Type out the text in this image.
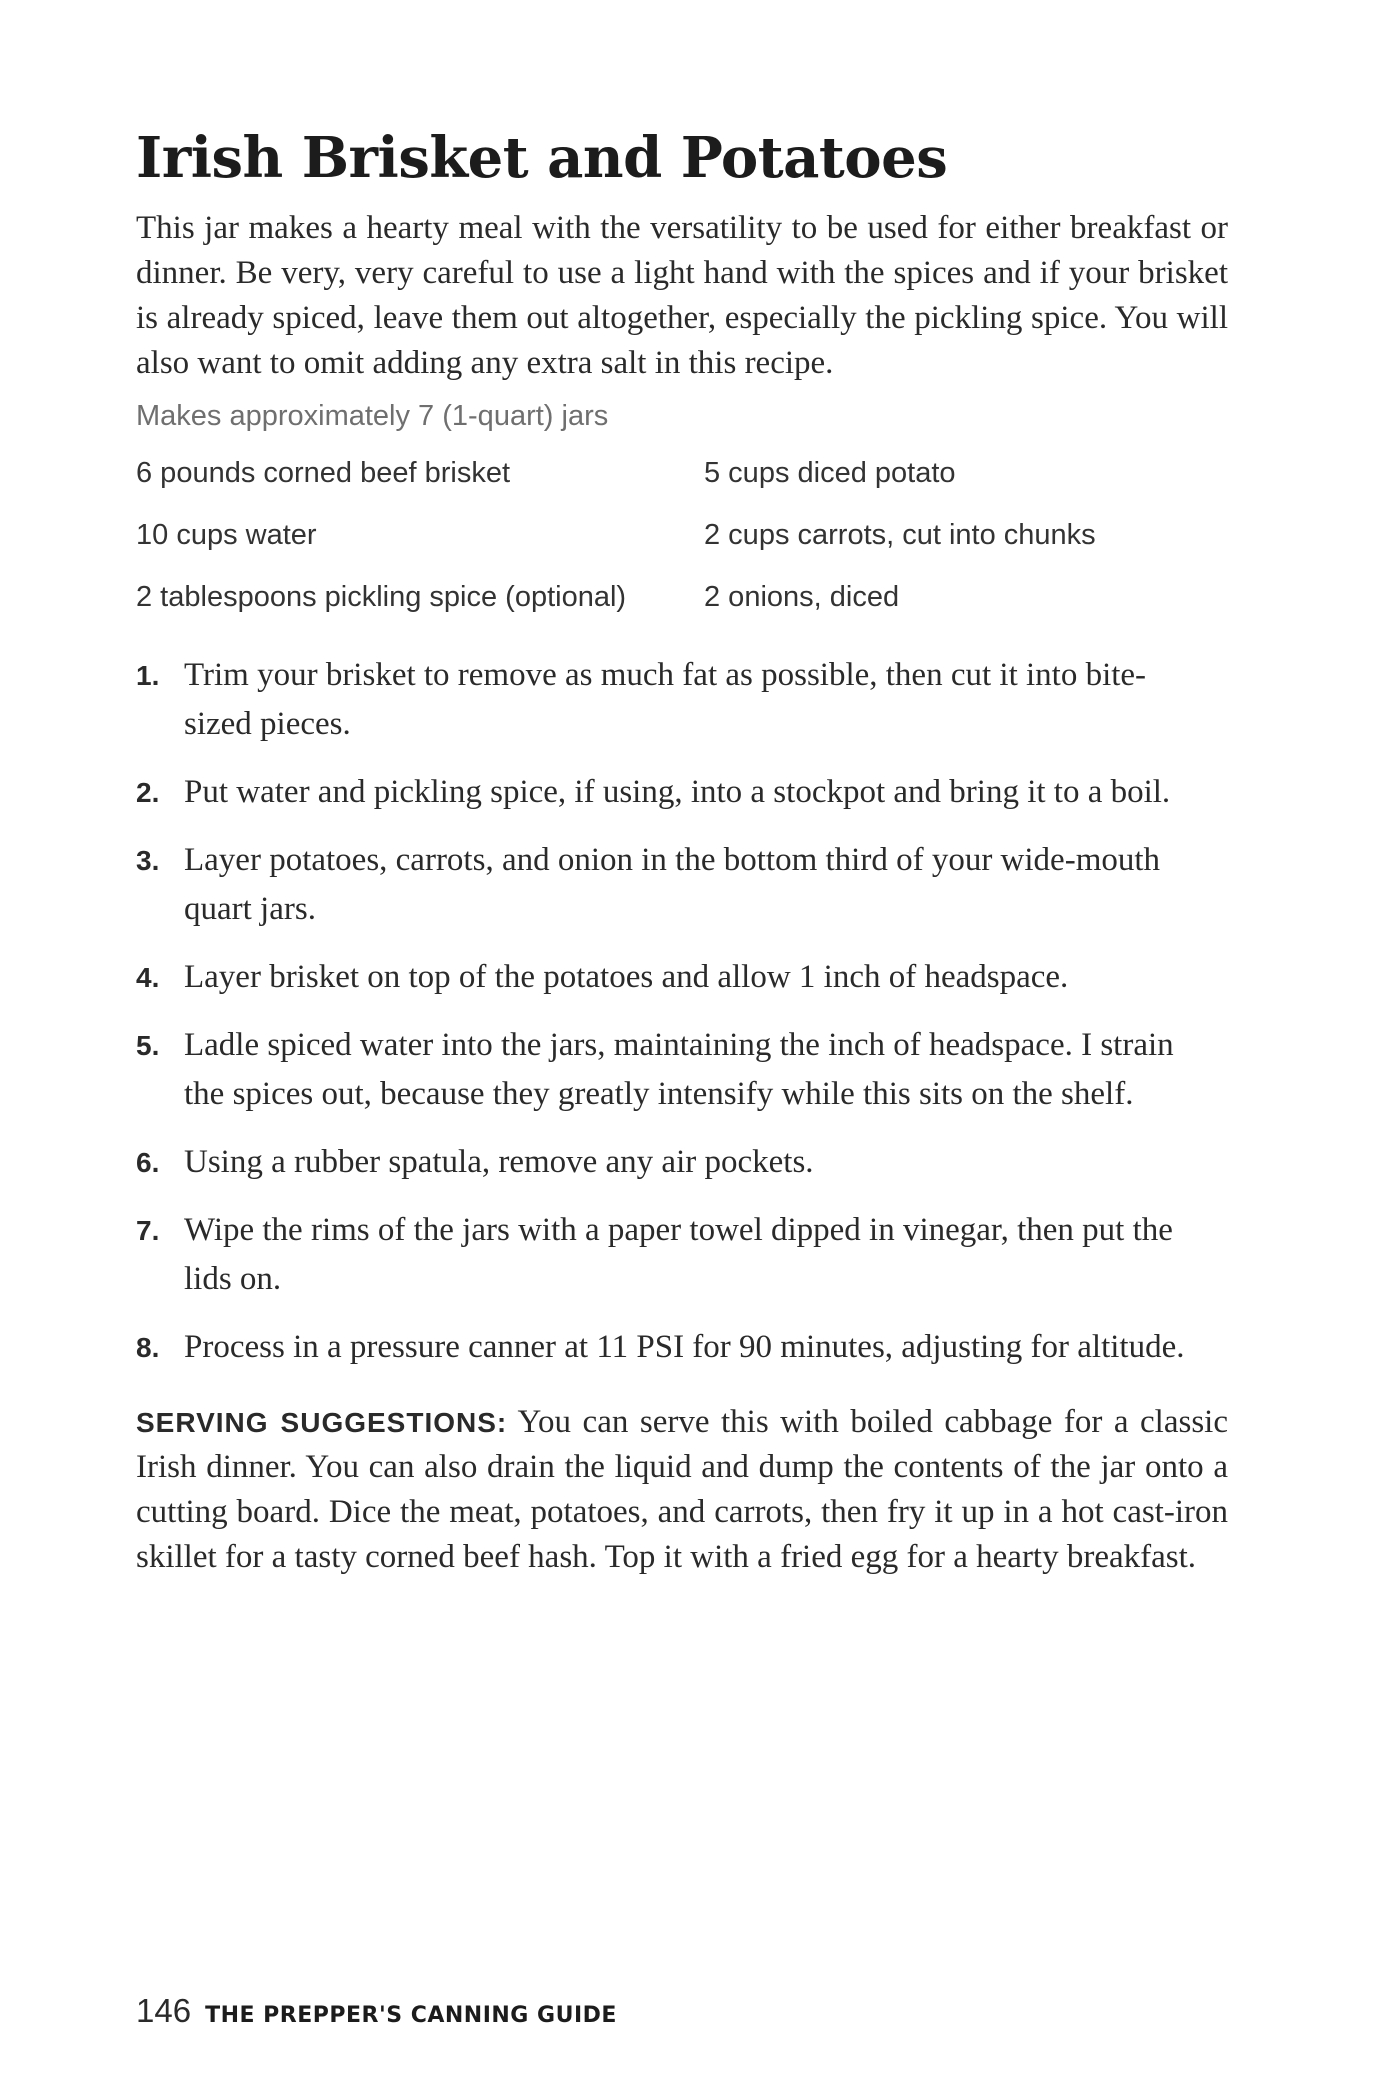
Irish Brisket and Potatoes

This jar makes a hearty meal with the versatility to be used for either breakfast or dinner. Be very, very careful to use a light hand with the spices and if your brisket is already spiced, leave them out altogether, especially the pickling spice. You will also want to omit adding any extra salt in this recipe.

Makes approximately 7 (1-quart) jars
6 pounds corned beef brisket	5 cups diced potato
10 cups water	2 cups carrots, cut into chunks
2 tablespoons pickling spice (optional)	2 onions, diced
1. Trim your brisket to remove as much fat as possible, then cut it into bite-sized pieces.
2. Put water and pickling spice, if using, into a stockpot and bring it to a boil.
3. Layer potatoes, carrots, and onion in the bottom third of your wide-mouth quart jars.
4. Layer brisket on top of the potatoes and allow 1 inch of headspace.
5. Ladle spiced water into the jars, maintaining the inch of headspace. I strain the spices out, because they greatly intensify while this sits on the shelf.
6. Using a rubber spatula, remove any air pockets.
7. Wipe the rims of the jars with a paper towel dipped in vinegar, then put the lids on.
8. Process in a pressure canner at 11 PSI for 90 minutes, adjusting for altitude.

SERVING SUGGESTIONS: You can serve this with boiled cabbage for a classic Irish dinner. You can also drain the liquid and dump the contents of the jar onto a cutting board. Dice the meat, potatoes, and carrots, then fry it up in a hot cast-iron skillet for a tasty corned beef hash. Top it with a fried egg for a hearty breakfast.

146 THE PREPPER'S CANNING GUIDE
